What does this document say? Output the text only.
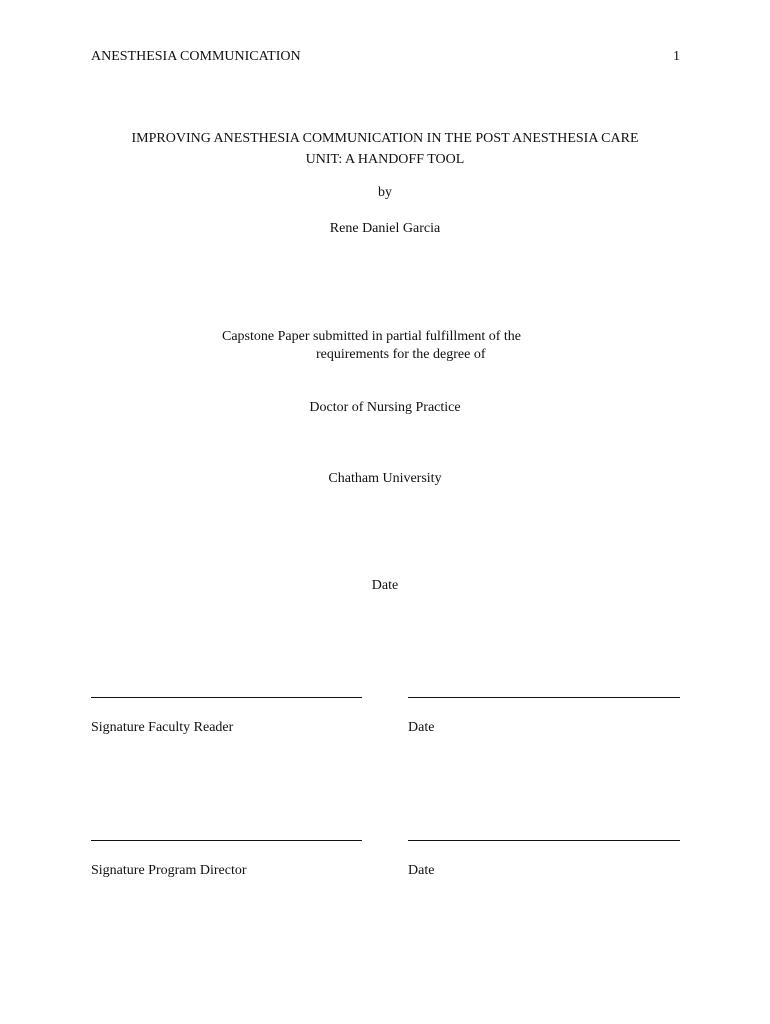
ANESTHESIA COMMUNICATION	1
IMPROVING ANESTHESIA COMMUNICATION IN THE POST ANESTHESIA CARE
UNIT: A HANDOFF TOOL
by
Rene Daniel Garcia
Capstone Paper submitted in partial fulfillment of the
requirements for the degree of
Doctor of Nursing Practice
Chatham University
Date
Signature Faculty Reader	Date
Signature Program Director	Date
